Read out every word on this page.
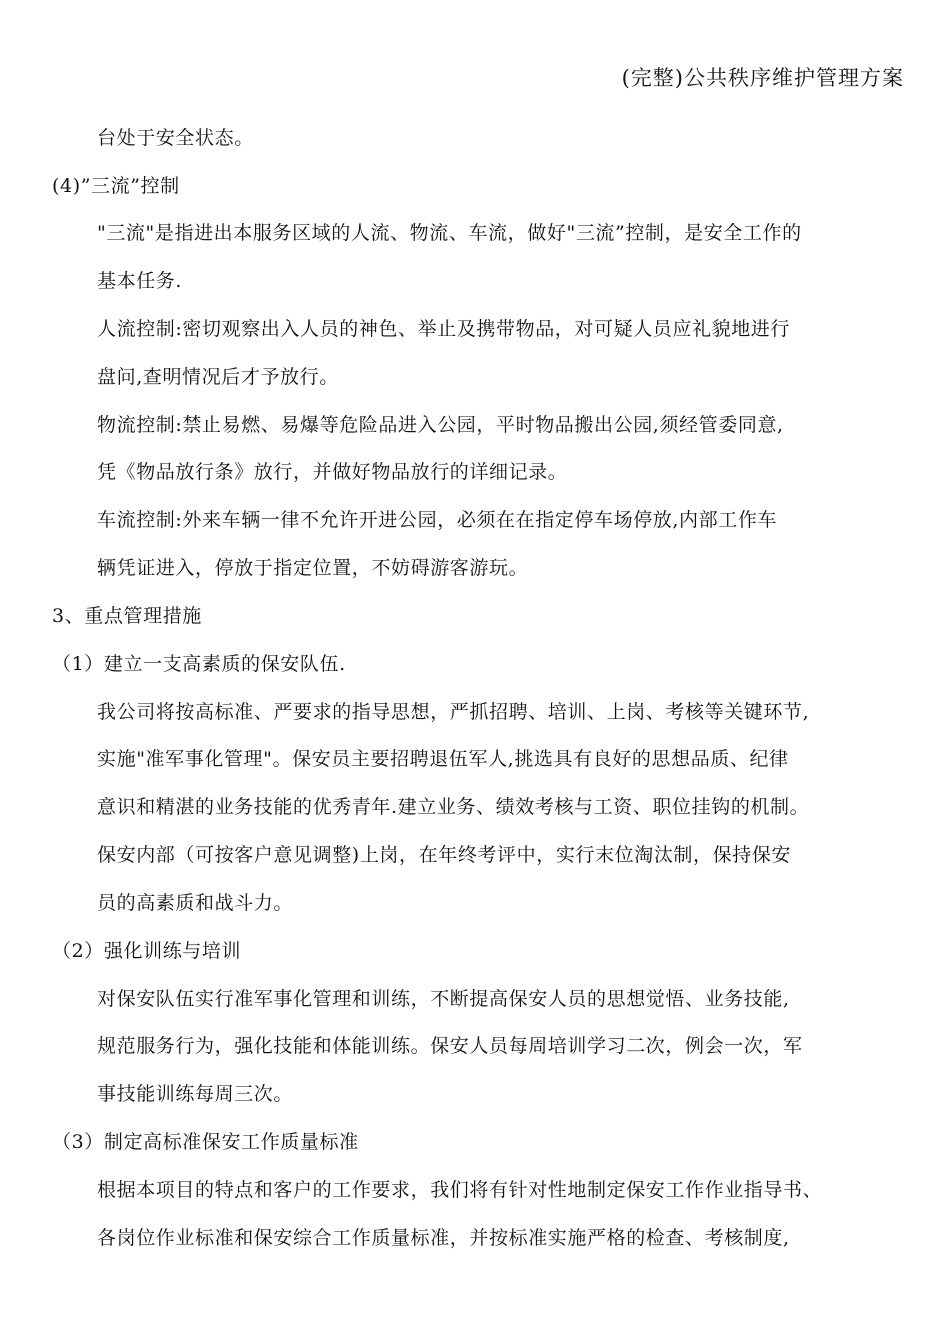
(完整)公共秩序维护管理方案
台处于安全状态。
(4)”三流”控制
"三流"是指进出本服务区域的人流、物流、车流，做好"三流”控制，是安全工作的
基本任务.
人流控制:密切观察出入人员的神色、举止及携带物品，对可疑人员应礼貌地进行
盘问,查明情况后才予放行。
物流控制:禁止易燃、易爆等危险品进入公园，平时物品搬出公园,须经管委同意,
凭《物品放行条》放行，并做好物品放行的详细记录。
车流控制:外来车辆一律不允许开进公园，必须在在指定停车场停放,内部工作车
辆凭证进入，停放于指定位置，不妨碍游客游玩。
3、重点管理措施
（1）建立一支高素质的保安队伍.
我公司将按高标准、严要求的指导思想，严抓招聘、培训、上岗、考核等关键环节,
实施"准军事化管理"。保安员主要招聘退伍军人,挑选具有良好的思想品质、纪律
意识和精湛的业务技能的优秀青年.建立业务、绩效考核与工资、职位挂钩的机制。
保安内部（可按客户意见调整)上岗，在年终考评中，实行末位淘汰制，保持保安
员的高素质和战斗力。
（2）强化训练与培训
对保安队伍实行准军事化管理和训练，不断提高保安人员的思想觉悟、业务技能,
规范服务行为，强化技能和体能训练。保安人员每周培训学习二次，例会一次，军
事技能训练每周三次。
（3）制定高标准保安工作质量标准
根据本项目的特点和客户的工作要求，我们将有针对性地制定保安工作作业指导书、
各岗位作业标准和保安综合工作质量标准，并按标准实施严格的检查、考核制度,
